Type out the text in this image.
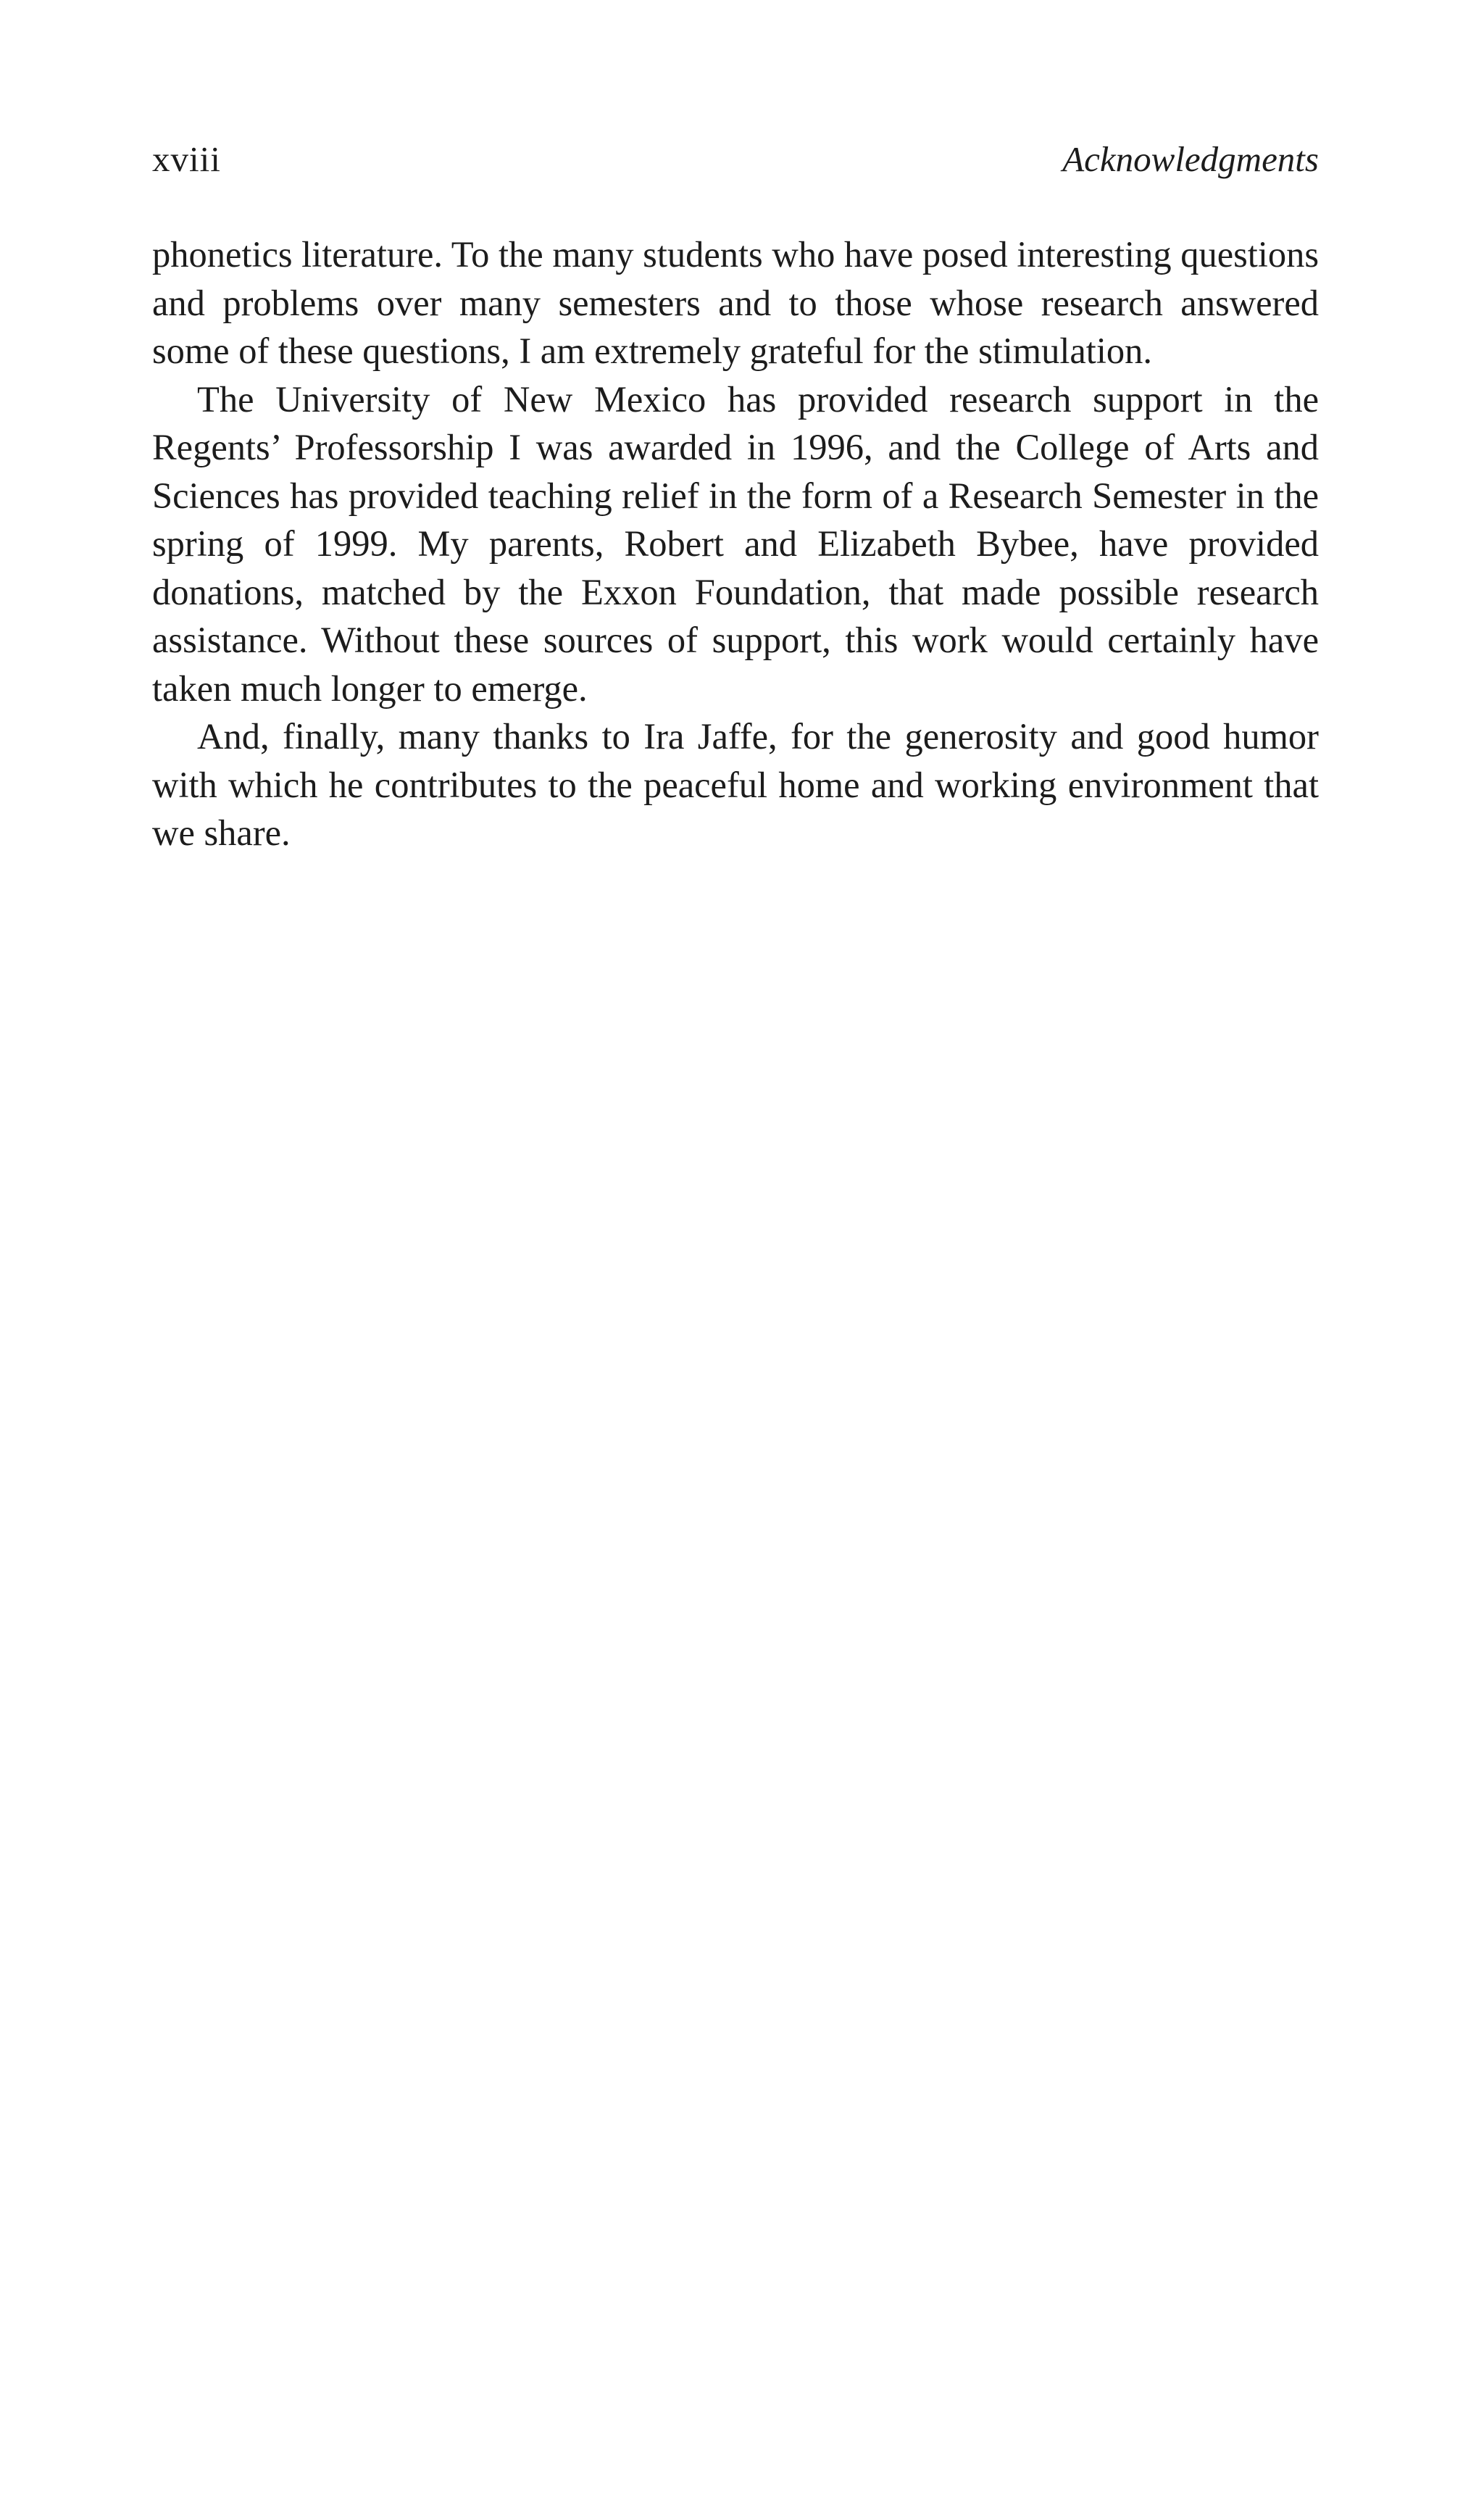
xviii	Acknowledgments

phonetics literature. To the many students who have posed interesting questions and problems over many semesters and to those whose research answered some of these questions, I am extremely grateful for the stimulation.

The University of New Mexico has provided research support in the Regents’ Professorship I was awarded in 1996, and the College of Arts and Sciences has provided teaching relief in the form of a Research Semester in the spring of 1999. My parents, Robert and Elizabeth Bybee, have provided donations, matched by the Exxon Foundation, that made possible research assistance. Without these sources of support, this work would certainly have taken much longer to emerge.

And, finally, many thanks to Ira Jaffe, for the generosity and good humor with which he contributes to the peaceful home and working environment that we share.
